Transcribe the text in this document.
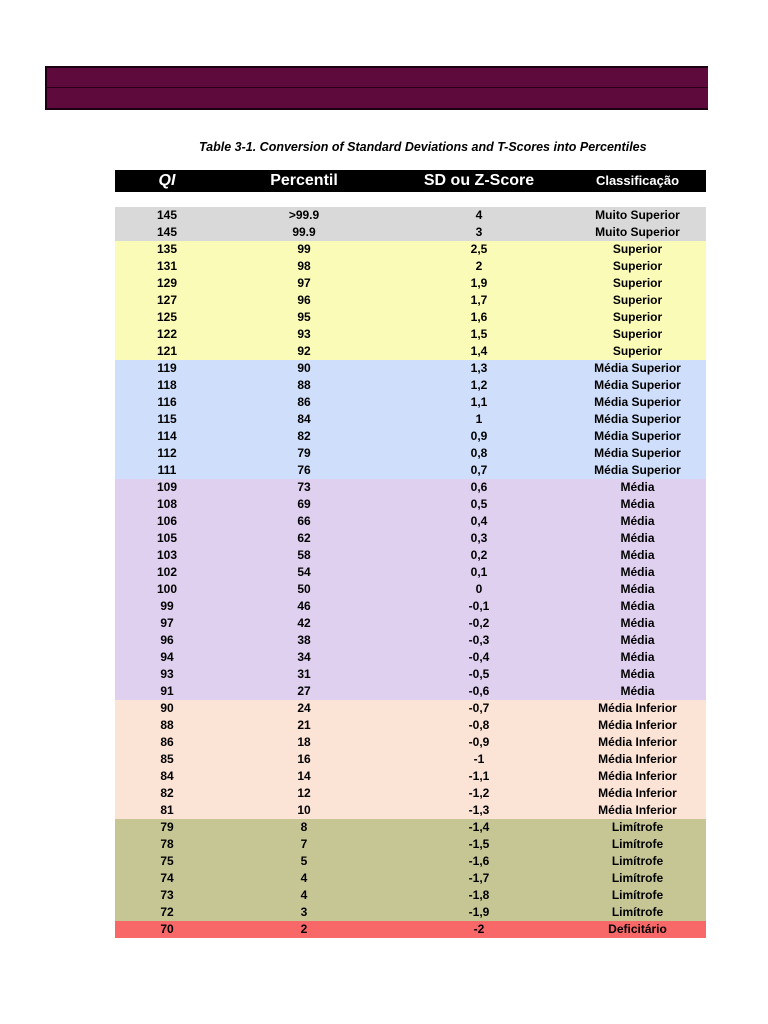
Table 3-1. Conversion of Standard Deviations and T-Scores into Percentiles
QI	Percentil	SD ou Z-Score	Classificação
145	>99.9	4	Muito Superior
145	99.9	3	Muito Superior
135	99	2,5	Superior
131	98	2	Superior
129	97	1,9	Superior
127	96	1,7	Superior
125	95	1,6	Superior
122	93	1,5	Superior
121	92	1,4	Superior
119	90	1,3	Média Superior
118	88	1,2	Média Superior
116	86	1,1	Média Superior
115	84	1	Média Superior
114	82	0,9	Média Superior
112	79	0,8	Média Superior
111	76	0,7	Média Superior
109	73	0,6	Média
108	69	0,5	Média
106	66	0,4	Média
105	62	0,3	Média
103	58	0,2	Média
102	54	0,1	Média
100	50	0	Média
99	46	-0,1	Média
97	42	-0,2	Média
96	38	-0,3	Média
94	34	-0,4	Média
93	31	-0,5	Média
91	27	-0,6	Média
90	24	-0,7	Média Inferior
88	21	-0,8	Média Inferior
86	18	-0,9	Média Inferior
85	16	-1	Média Inferior
84	14	-1,1	Média Inferior
82	12	-1,2	Média Inferior
81	10	-1,3	Média Inferior
79	8	-1,4	Limítrofe
78	7	-1,5	Limítrofe
75	5	-1,6	Limítrofe
74	4	-1,7	Limítrofe
73	4	-1,8	Limítrofe
72	3	-1,9	Limítrofe
70	2	-2	Deficitário
